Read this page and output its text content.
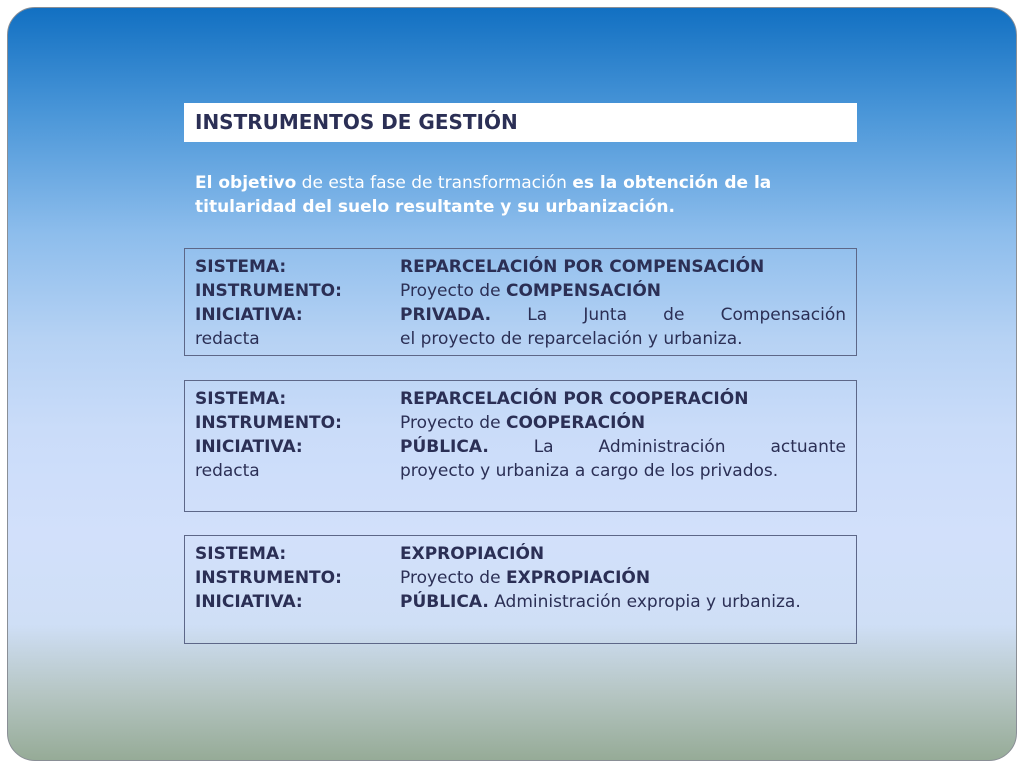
INSTRUMENTOS DE GESTIÓN
El objetivo de esta fase de transformación es la obtención de la titularidad del suelo resultante y su urbanización.
SISTEMA:	REPARCELACIÓN POR COMPENSACIÓN
INSTRUMENTO:	Proyecto de COMPENSACIÓN
INICIATIVA:	PRIVADA. La Junta de Compensación
redacta	el proyecto de reparcelación y urbaniza.
SISTEMA:	REPARCELACIÓN POR COOPERACIÓN
INSTRUMENTO:	Proyecto de COOPERACIÓN
INICIATIVA:	PÚBLICA. La Administración actuante
redacta	proyecto y urbaniza a cargo de los privados.
SISTEMA:	EXPROPIACIÓN
INSTRUMENTO:	Proyecto de EXPROPIACIÓN
INICIATIVA:	PÚBLICA. Administración expropia y urbaniza.
